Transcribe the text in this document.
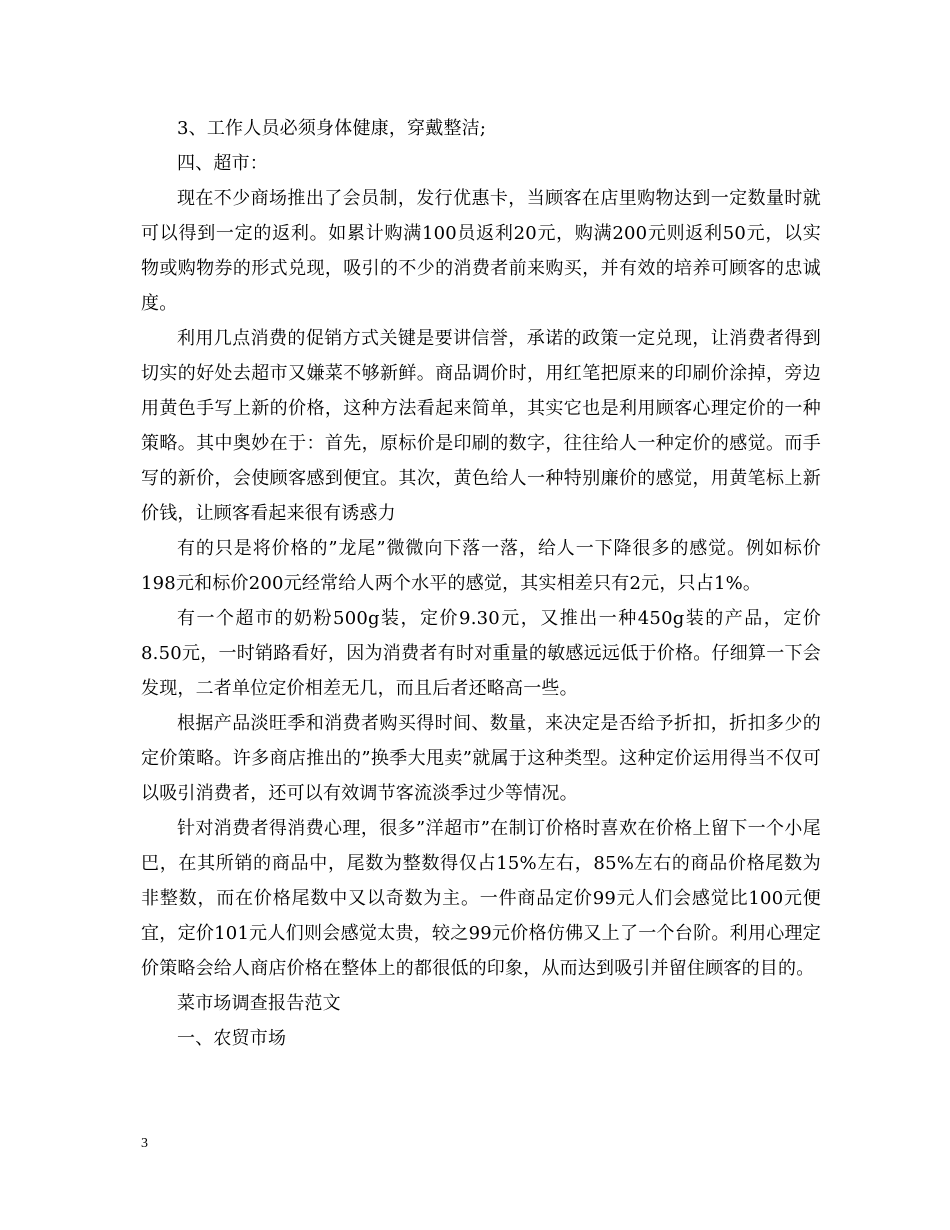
3、工作人员必须身体健康，穿戴整洁;

四、超市：

现在不少商场推出了会员制，发行优惠卡，当顾客在店里购物达到一定数量时就可以得到一定的返利。如累计购满100员返利20元，购满200元则返利50元，以实物或购物券的形式兑现，吸引的不少的消费者前来购买，并有效的培养可顾客的忠诚度。

利用几点消费的促销方式关键是要讲信誉，承诺的政策一定兑现，让消费者得到切实的好处去超市又嫌菜不够新鲜。商品调价时，用红笔把原来的印刷价涂掉，旁边用黄色手写上新的价格，这种方法看起来简单，其实它也是利用顾客心理定价的一种策略。其中奥妙在于：首先，原标价是印刷的数字，往往给人一种定价的感觉。而手写的新价，会使顾客感到便宜。其次，黄色给人一种特别廉价的感觉，用黄笔标上新价钱，让顾客看起来很有诱惑力

有的只是将价格的”龙尾”微微向下落一落，给人一下降很多的感觉。例如标价198元和标价200元经常给人两个水平的感觉，其实相差只有2元，只占1%。

有一个超市的奶粉500g装，定价9.30元，又推出一种450g装的产品，定价8.50元，一时销路看好，因为消费者有时对重量的敏感远远低于价格。仔细算一下会发现，二者单位定价相差无几，而且后者还略高一些。

根据产品淡旺季和消费者购买得时间、数量，来决定是否给予折扣，折扣多少的定价策略。许多商店推出的”换季大甩卖”就属于这种类型。这种定价运用得当不仅可以吸引消费者，还可以有效调节客流淡季过少等情况。

针对消费者得消费心理，很多”洋超市”在制订价格时喜欢在价格上留下一个小尾巴，在其所销的商品中，尾数为整数得仅占15%左右，85%左右的商品价格尾数为非整数，而在价格尾数中又以奇数为主。一件商品定价99元人们会感觉比100元便宜，定价101元人们则会感觉太贵，较之99元价格仿佛又上了一个台阶。利用心理定价策略会给人商店价格在整体上的都很低的印象，从而达到吸引并留住顾客的目的。

菜市场调查报告范文

一、农贸市场

3
